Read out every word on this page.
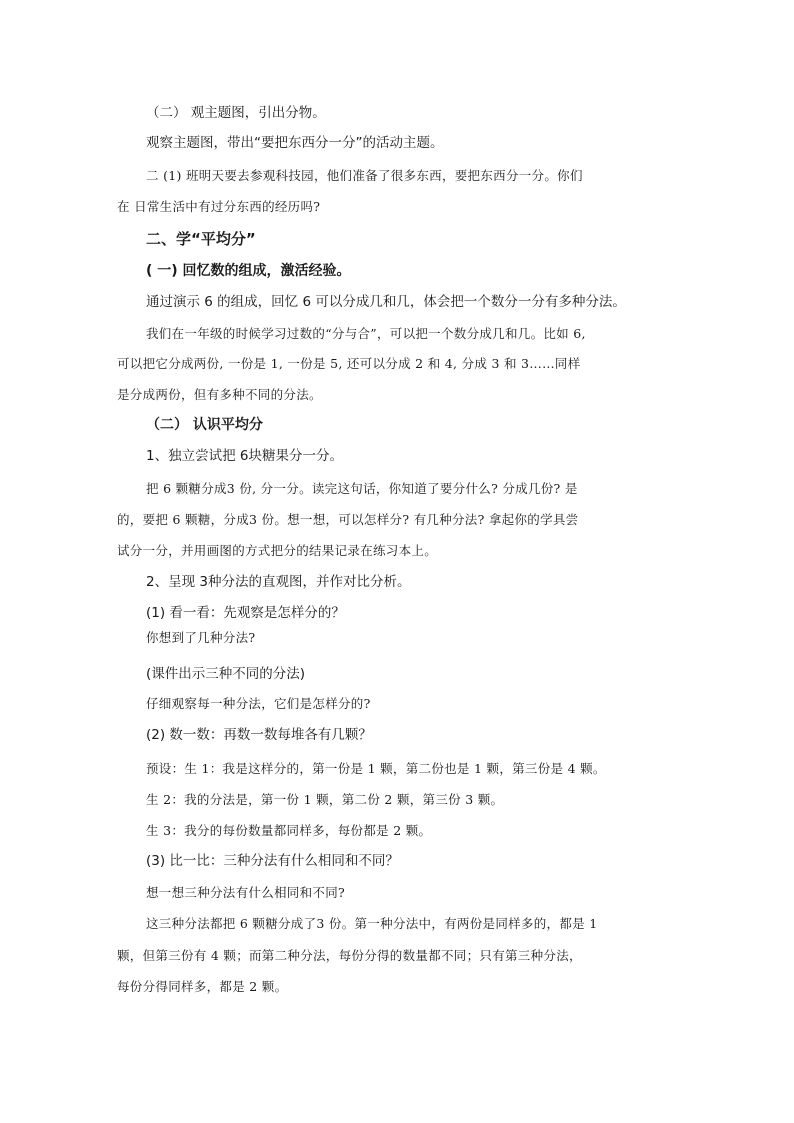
（二） 观主题图，引出分物。
观察主题图，带出“要把东西分一分”的活动主题。
二 (1) 班明天要去参观科技园，他们准备了很多东西，要把东西分一分。你们
在 日常生活中有过分东西的经历吗?
二、学“平均分”
( 一) 回忆数的组成，激活经验。
通过演示 6 的组成，回忆 6 可以分成几和几，体会把一个数分一分有多种分法。
我们在一年级的时候学习过数的“分与合”，可以把一个数分成几和几。比如 6,
可以把它分成两份, 一份是 1, 一份是 5, 还可以分成 2 和 4, 分成 3 和 3……同样
是分成两份，但有多种不同的分法。
（二） 认识平均分
1、独立尝试把 6块糖果分一分。
把 6 颗糖分成3 份, 分一分。读完这句话，你知道了要分什么? 分成几份? 是
的，要把 6 颗糖，分成3 份。想一想，可以怎样分? 有几种分法? 拿起你的学具尝
试分一分，并用画图的方式把分的结果记录在练习本上。
2、呈现 3种分法的直观图，并作对比分析。
(1) 看一看：先观察是怎样分的？
你想到了几种分法?
(课件出示三种不同的分法)
仔细观察每一种分法，它们是怎样分的?
(2) 数一数：再数一数每堆各有几颗？
预设：生 1：我是这样分的，第一份是 1 颗，第二份也是 1 颗，第三份是 4 颗。
生 2：我的分法是，第一份 1 颗，第二份 2 颗，第三份 3 颗。
生 3：我分的每份数量都同样多，每份都是 2 颗。
(3) 比一比：三种分法有什么相同和不同？
想一想三种分法有什么相同和不同?
这三种分法都把 6 颗糖分成了3 份。第一种分法中，有两份是同样多的，都是 1
颗，但第三份有 4 颗；而第二种分法，每份分得的数量都不同；只有第三种分法，
每份分得同样多，都是 2 颗。
